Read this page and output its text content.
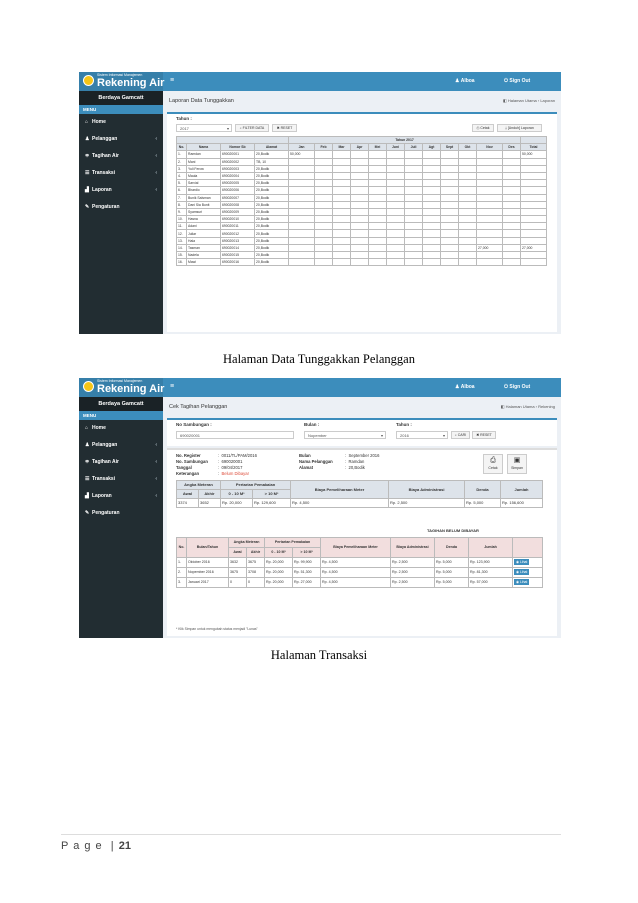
Sistem Informasi Manajemen
Rekening Air ≡	♟ Alboa	⏻ Sign Out
Berdaya Gamcatt
MENU
⌂ Home
♟ Pelanggan	‹
≑ Tagihan Air	‹
☰ Transaksi	‹
▟ Laporan	‹
✎ Pengaturan
Laporan Data Tunggakkan	◧ Halaman Utama › Laporan
Tahun :
2017	▾	⌕ FILTER DATA	✖ RESET	⎙ Cetak	⤓ [Unduh] Laporan
				Tahun 2017												
No.	Nama	Nomor Sb	Alamat	Jan	Feb	Mar	Apr	Mei	Juni	Juli	Agt	Sept	Okt	Nov	Des	Total
1.	Ramdan	690020001	20,Bodik	50,000												50,000
2.	Mani	690020002	TB, 10													
3.	Yuli Ferow	690020003	20,Bodik													
4.	Maula	690020004	20,Bodik													
5.	Sarvial	690020005	20,Bodik													
6.	Bhardio	690020006	20,Bodik													
7.	Bunik Salsman	690020007	20,Bodik													
8.	Dani Sia Bunit	690020008	20,Bodik													
9.	Syamsuri	690020009	20,Bodik													
10.	Hasna	690020010	20,Bodik													
11.	Adani	690020011	20,Bodik													
12.	Juliar	690020012	20,Bodik													
13.	Hala	690020013	20,Bodik													
14.	Tasman	690020014	20,Bodik											27,000		27,000
15.	Nadela	690020015	20,Bodik													
16.	Mawi	690020016	20,Bodik													
Halaman Data Tunggakkan Pelanggan
Sistem Informasi Manajemen
Rekening Air ≡	♟ Alboa	⏻ Sign Out
Berdaya Gamcatt
MENU
⌂ Home
♟ Pelanggan	‹
≑ Tagihan Air	‹
☰ Transaksi	‹
▟ Laporan	‹
✎ Pengaturan
Cek Tagihan Pelanggan	◧ Halaman Utama › Rekening
No Sambungan :
690020001
Bulan :
Nopember	▾
Tahun :
2016	▾	⌕ CARI	✖ RESET
No. Register	:  0011/TL/PAM/2016
No. Sambungan :  690020001
Tanggal	:  09/04/2017
Keterangan	:  Belum Dibayar
Bulan	:  September 2016
Nama Pelanggan	:  Ramdan
Alamat	:  20,Bodik
⎙
Cetak
▣
Simpan
Angka Meteran		Pertarian Pemakaian		Biaya Pemeliharaan Meter	Biaya Administrasi	Denda	Jumlah
Awal	Akhir	0 - 10 M³	> 10 M³				
3374	3652	Rp. 20,000	Rp. 129,600	Rp. 4,500	Rp. 2,500	Rp. 5,000	Rp. 156,600
TAGIHAN BELUM DIBAYAR
No.	Bulan/Tahun	Angka Meteran		Pertarian Pemakaian		Biaya Pemeliharaan Meter	Biaya Administrasi	Denda	Jumlah	
		Awal	Akhir	0 - 10 M³	> 10 M³					
1.	Oktober 2016	3632	3675	Rp. 20,000	Rp. 99,900	Rp. 4,500	Rp. 2,500	Rp. 5,000	Rp. 123,900	◉ Lihat
2.	Nopember 2016	3675	3708	Rp. 20,000	Rp. 51,300	Rp. 4,500	Rp. 2,500	Rp. 5,000	Rp. 81,300	◉ Lihat
3.	Januari 2017	0	0	Rp. 20,000	Rp. 27,000	Rp. 4,500	Rp. 2,500	Rp. 5,000	Rp. 57,000	◉ Lihat
* Klik Simpan untuk mengubah status menjadi "Lunas"
Halaman Transaksi
P a g e | 21
